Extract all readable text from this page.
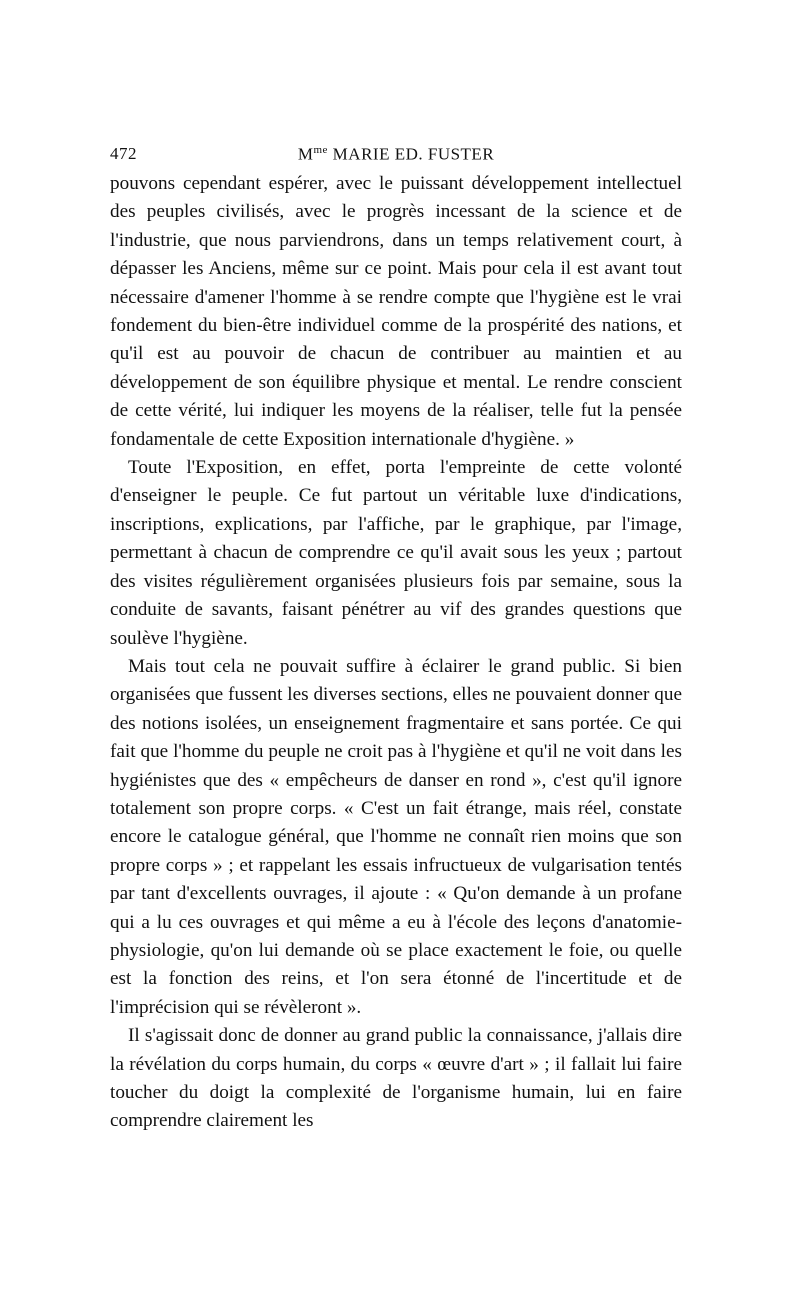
472	$M^{me}$ MARIE ED. FUSTER

pouvons cependant espérer, avec le puissant développement intellectuel des peuples civilisés, avec le progrès incessant de la science et de l'industrie, que nous parviendrons, dans un temps relativement court, à dépasser les Anciens, même sur ce point. Mais pour cela il est avant tout nécessaire d'amener l'homme à se rendre compte que l'hygiène est le vrai fondement du bien-être individuel comme de la prospérité des nations, et qu'il est au pouvoir de chacun de contribuer au maintien et au développement de son équilibre physique et mental. Le rendre conscient de cette vérité, lui indiquer les moyens de la réaliser, telle fut la pensée fondamentale de cette Exposition internationale d'hygiène. »

Toute l'Exposition, en effet, porta l'empreinte de cette volonté d'enseigner le peuple. Ce fut partout un véritable luxe d'indications, inscriptions, explications, par l'affiche, par le graphique, par l'image, permettant à chacun de comprendre ce qu'il avait sous les yeux ; partout des visites régulièrement organisées plusieurs fois par semaine, sous la conduite de savants, faisant pénétrer au vif des grandes questions que soulève l'hygiène.

Mais tout cela ne pouvait suffire à éclairer le grand public. Si bien organisées que fussent les diverses sections, elles ne pouvaient donner que des notions isolées, un enseignement fragmentaire et sans portée. Ce qui fait que l'homme du peuple ne croit pas à l'hygiène et qu'il ne voit dans les hygiénistes que des « empêcheurs de danser en rond », c'est qu'il ignore totalement son propre corps. « C'est un fait étrange, mais réel, constate encore le catalogue général, que l'homme ne connaît rien moins que son propre corps » ; et rappelant les essais infructueux de vulgarisation tentés par tant d'excellents ouvrages, il ajoute : « Qu'on demande à un profane qui a lu ces ouvrages et qui même a eu à l'école des leçons d'anatomie-physiologie, qu'on lui demande où se place exactement le foie, ou quelle est la fonction des reins, et l'on sera étonné de l'incertitude et de l'imprécision qui se révèleront ».

Il s'agissait donc de donner au grand public la connaissance, j'allais dire la révélation du corps humain, du corps « œuvre d'art » ; il fallait lui faire toucher du doigt la complexité de l'organisme humain, lui en faire comprendre clairement les
